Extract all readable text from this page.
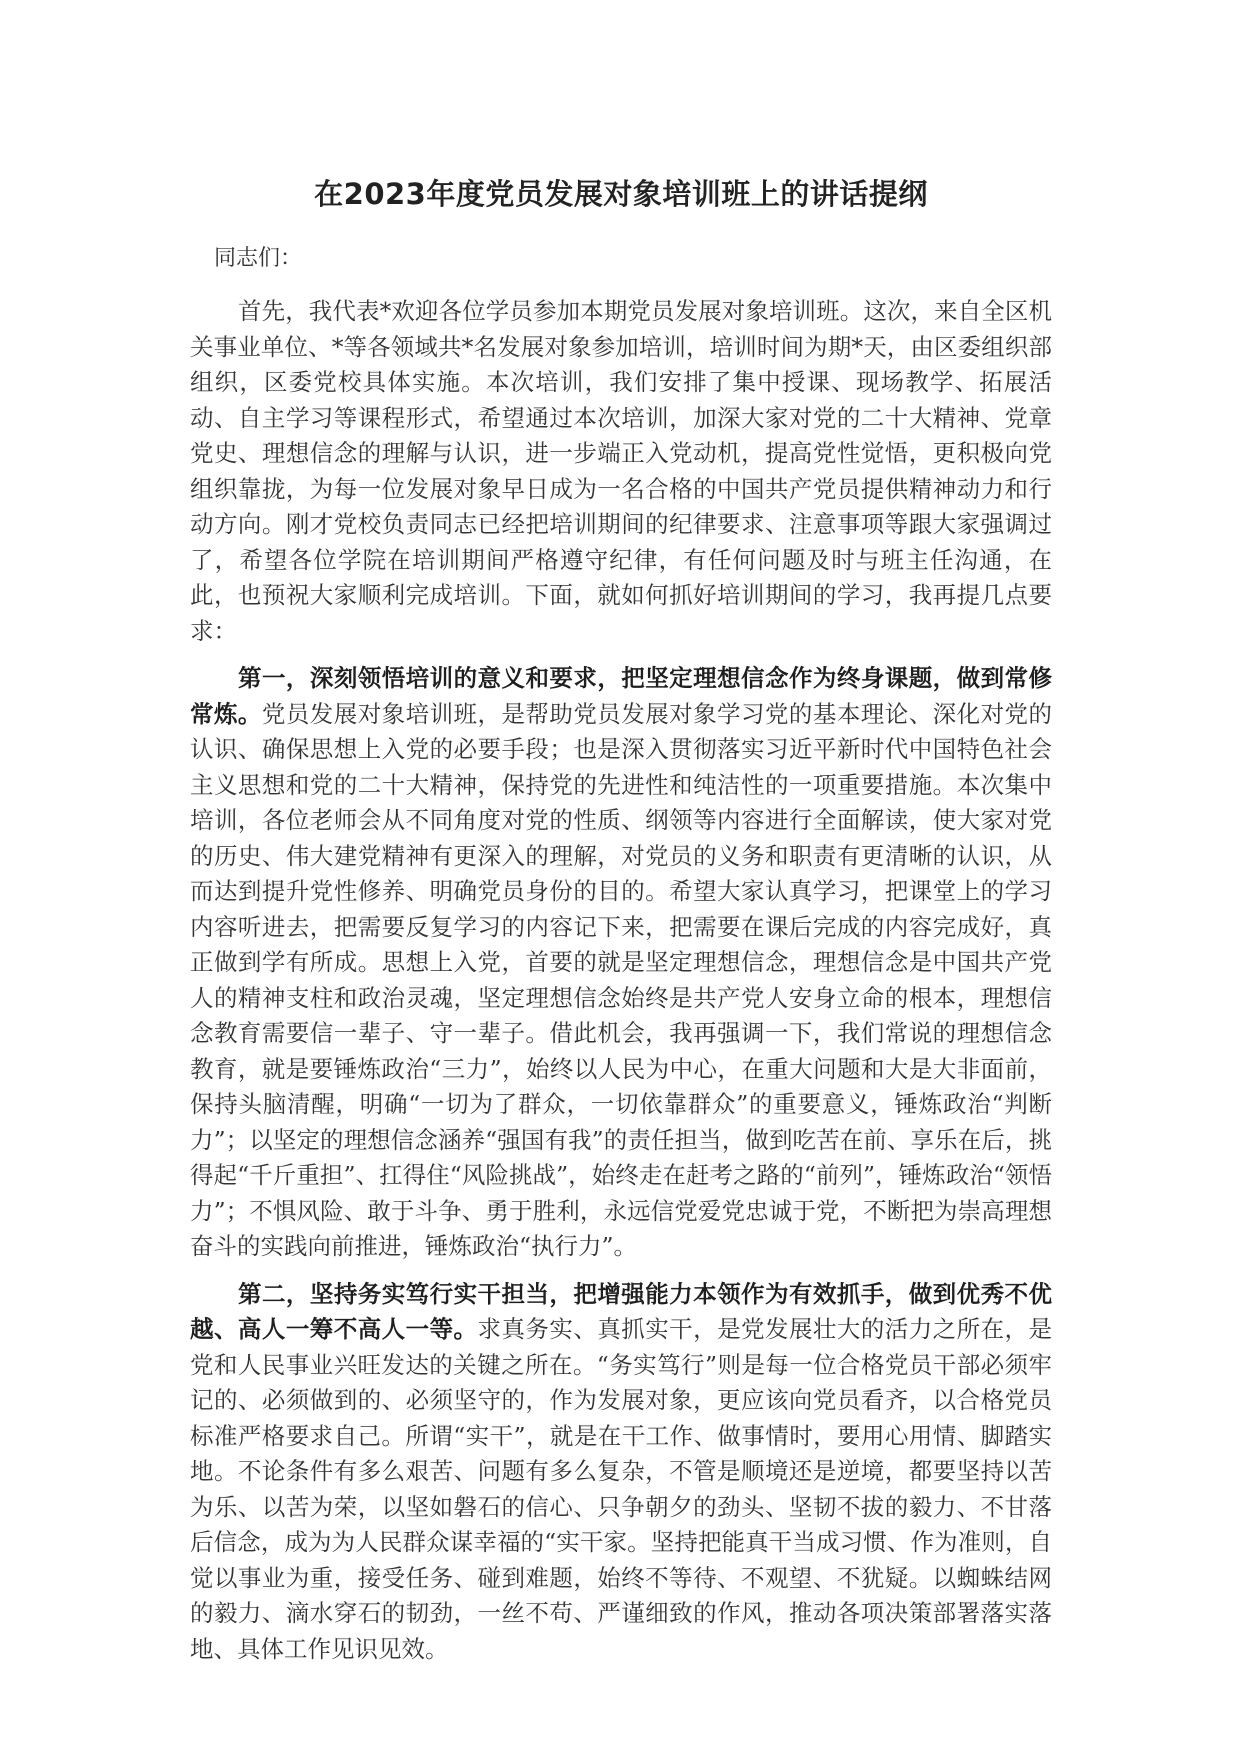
在2023年度党员发展对象培训班上的讲话提纲
同志们：

首先，我代表*欢迎各位学员参加本期党员发展对象培训班。这次，来自全区机关事业单位、*等各领域共*名发展对象参加培训，培训时间为期*天，由区委组织部组织，区委党校具体实施。本次培训，我们安排了集中授课、现场教学、拓展活动、自主学习等课程形式，希望通过本次培训，加深大家对党的二十大精神、党章党史、理想信念的理解与认识，进一步端正入党动机，提高党性觉悟，更积极向党组织靠拢，为每一位发展对象早日成为一名合格的中国共产党员提供精神动力和行动方向。刚才党校负责同志已经把培训期间的纪律要求、注意事项等跟大家强调过了，希望各位学院在培训期间严格遵守纪律，有任何问题及时与班主任沟通，在此，也预祝大家顺利完成培训。下面，就如何抓好培训期间的学习，我再提几点要求：

第一，深刻领悟培训的意义和要求，把坚定理想信念作为终身课题，做到常修常炼。党员发展对象培训班，是帮助党员发展对象学习党的基本理论、深化对党的认识、确保思想上入党的必要手段；也是深入贯彻落实习近平新时代中国特色社会主义思想和党的二十大精神，保持党的先进性和纯洁性的一项重要措施。本次集中培训，各位老师会从不同角度对党的性质、纲领等内容进行全面解读，使大家对党的历史、伟大建党精神有更深入的理解，对党员的义务和职责有更清晰的认识，从而达到提升党性修养、明确党员身份的目的。希望大家认真学习，把课堂上的学习内容听进去，把需要反复学习的内容记下来，把需要在课后完成的内容完成好，真正做到学有所成。思想上入党，首要的就是坚定理想信念，理想信念是中国共产党人的精神支柱和政治灵魂，坚定理想信念始终是共产党人安身立命的根本，理想信念教育需要信一辈子、守一辈子。借此机会，我再强调一下，我们常说的理想信念教育，就是要锤炼政治“三力”，始终以人民为中心，在重大问题和大是大非面前，保持头脑清醒，明确“一切为了群众，一切依靠群众”的重要意义，锤炼政治“判断力”；以坚定的理想信念涵养“强国有我”的责任担当，做到吃苦在前、享乐在后，挑得起“千斤重担”、扛得住“风险挑战”，始终走在赶考之路的“前列”，锤炼政治“领悟力”；不惧风险、敢于斗争、勇于胜利，永远信党爱党忠诚于党，不断把为崇高理想奋斗的实践向前推进，锤炼政治“执行力”。

第二，坚持务实笃行实干担当，把增强能力本领作为有效抓手，做到优秀不优越、高人一筹不高人一等。求真务实、真抓实干，是党发展壮大的活力之所在，是党和人民事业兴旺发达的关键之所在。“务实笃行”则是每一位合格党员干部必须牢记的、必须做到的、必须坚守的，作为发展对象，更应该向党员看齐，以合格党员标准严格要求自己。所谓“实干”，就是在干工作、做事情时，要用心用情、脚踏实地。不论条件有多么艰苦、问题有多么复杂，不管是顺境还是逆境，都要坚持以苦为乐、以苦为荣，以坚如磐石的信心、只争朝夕的劲头、坚韧不拔的毅力、不甘落后信念，成为为人民群众谋幸福的“实干家。坚持把能真干当成习惯、作为准则，自觉以事业为重，接受任务、碰到难题，始终不等待、不观望、不犹疑。以蜘蛛结网的毅力、滴水穿石的韧劲，一丝不苟、严谨细致的作风，推动各项决策部署落实落地、具体工作见识见效。
